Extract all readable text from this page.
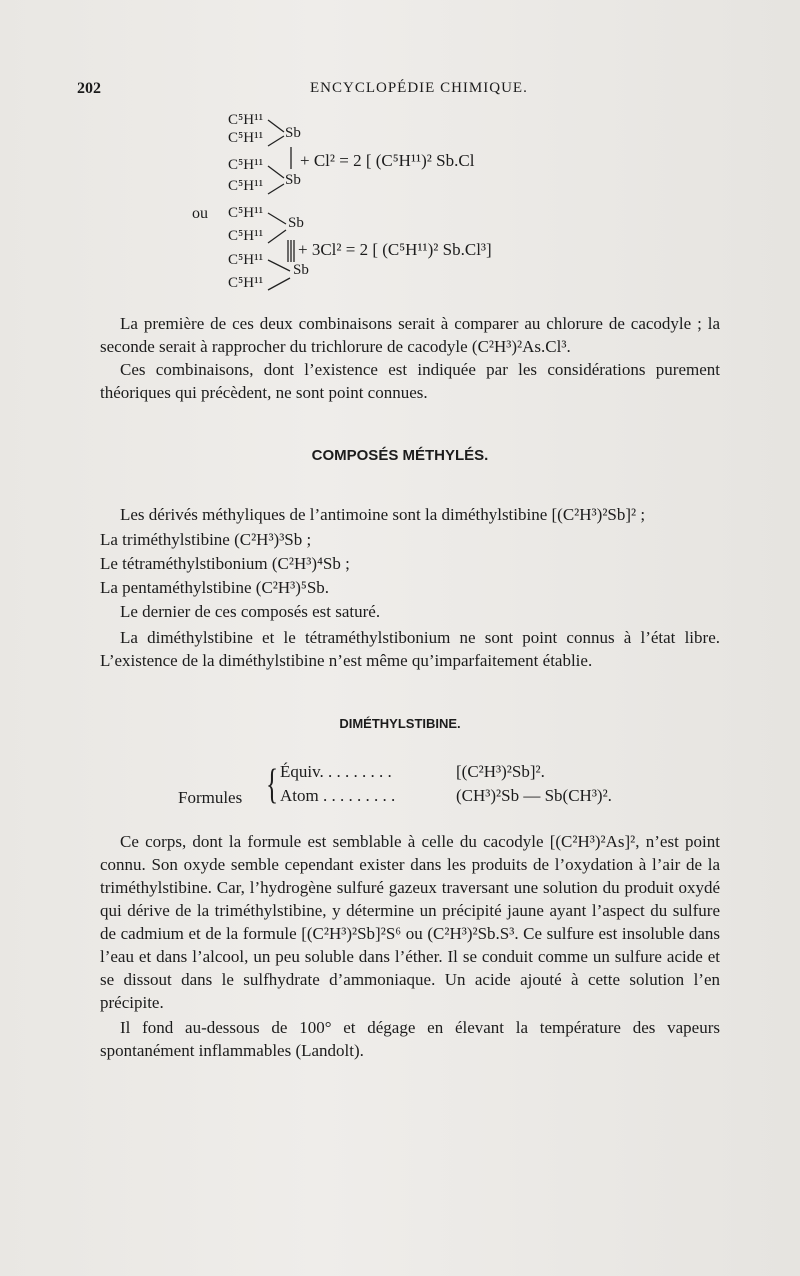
202	ENCYCLOPÉDIE CHIMIQUE.
C⁵H¹¹
C⁵H¹¹
C⁵H¹¹
C⁵H¹¹
Sb
Sb
+ Cl² = 2 [ (C⁵H¹¹)² Sb.Cl
ou C⁵H¹¹
C⁵H¹¹
C⁵H¹¹
C⁵H¹¹
Sb
Sb
+ 3Cl² = 2 [ (C⁵H¹¹)² Sb.Cl³]
La première de ces deux combinaisons serait à comparer au chlorure de cacodyle ; la seconde serait à rapprocher du trichlorure de cacodyle (C²H³)²As.Cl³.
Ces combinaisons, dont l’existence est indiquée par les considérations purement théoriques qui précèdent, ne sont point connues.
COMPOSÉS MÉTHYLÉS.
Les dérivés méthyliques de l’antimoine sont la diméthylstibine [(C²H³)²Sb]² ;
La triméthylstibine (C²H³)³Sb ;
Le tétraméthylstibonium (C²H³)⁴Sb ;
La pentaméthylstibine (C²H³)⁵Sb.
Le dernier de ces composés est saturé.
La diméthylstibine et le tétraméthylstibonium ne sont point connus à l’état libre. L’existence de la diméthylstibine n’est même qu’imparfaitement établie.
DIMÉTHYLSTIBINE.
Formules { Équiv. . . . . . . . .	[(C²H³)²Sb]².
Atom . . . . . . . . .	(CH³)²Sb — Sb(CH³)².
Ce corps, dont la formule est semblable à celle du cacodyle [(C²H³)²As]², n’est point connu. Son oxyde semble cependant exister dans les produits de l’oxydation à l’air de la triméthylstibine. Car, l’hydrogène sulfuré gazeux traversant une solution du produit oxydé qui dérive de la triméthylstibine, y détermine un précipité jaune ayant l’aspect du sulfure de cadmium et de la formule [(C²H³)²Sb]²S⁶ ou (C²H³)²Sb.S³. Ce sulfure est insoluble dans l’eau et dans l’alcool, un peu soluble dans l’éther. Il se conduit comme un sulfure acide et se dissout dans le sulfhydrate d’ammoniaque. Un acide ajouté à cette solution l’en précipite.
Il fond au-dessous de 100° et dégage en élevant la température des vapeurs spontanément inflammables (Landolt).
